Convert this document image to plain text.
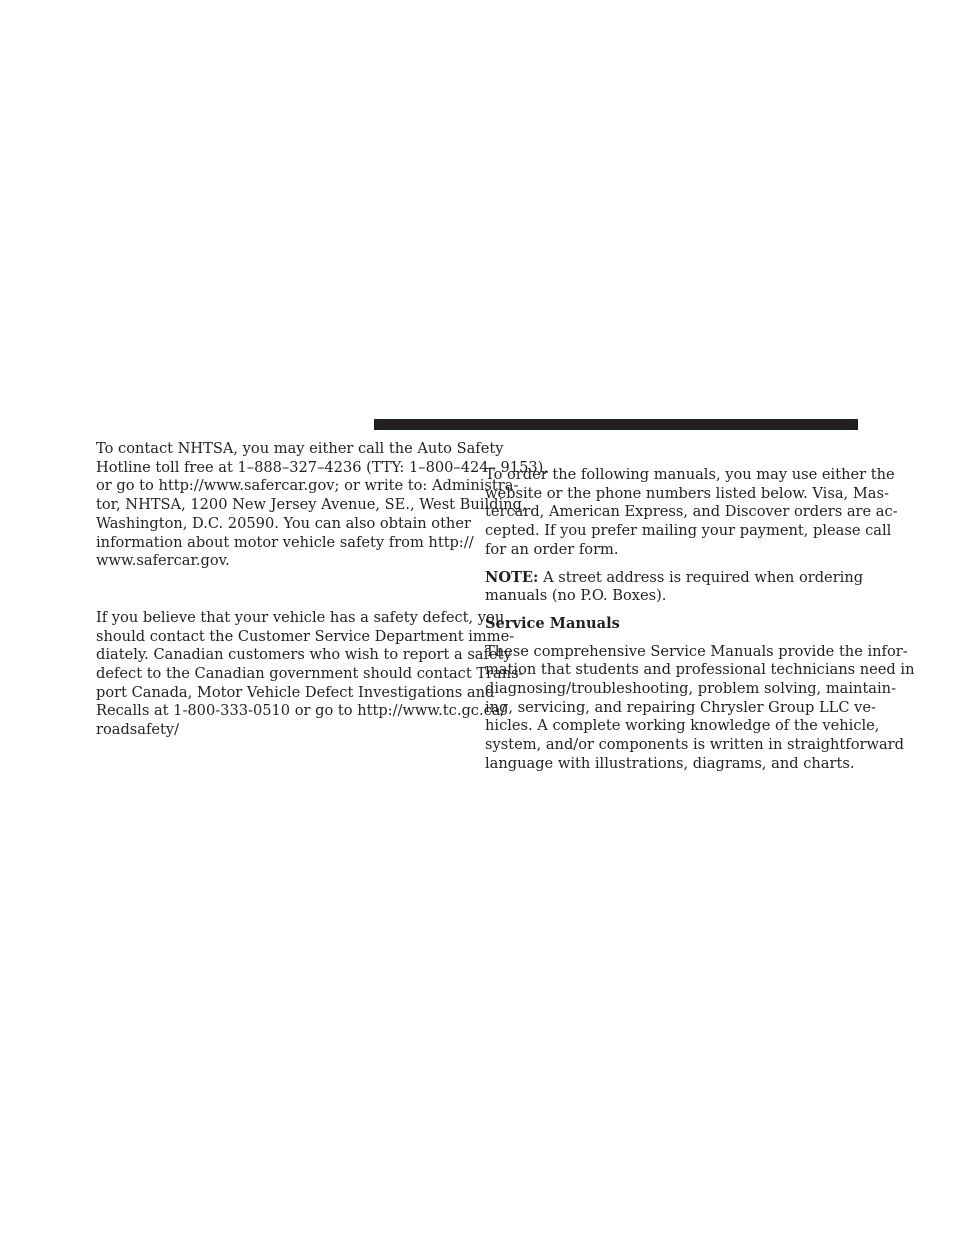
To contact NHTSA, you may either call the Auto Safety
Hotline toll free at 1–888–327–4236 (TTY: 1–800–424– 9153),
or go to http://www.safercar.gov; or write to: Administra-
tor, NHTSA, 1200 New Jersey Avenue, SE., West Building,
Washington, D.C. 20590. You can also obtain other
information about motor vehicle safety from http://
www.safercar.gov.

If you believe that your vehicle has a safety defect, you
should contact the Customer Service Department imme-
diately. Canadian customers who wish to report a safety
defect to the Canadian government should contact Trans-
port Canada, Motor Vehicle Defect Investigations and
Recalls at 1-800-333-0510 or go to http://www.tc.gc.ca/
roadsafety/

To order the following manuals, you may use either the
website or the phone numbers listed below. Visa, Mas-
tercard, American Express, and Discover orders are ac-
cepted. If you prefer mailing your payment, please call
for an order form.

NOTE: A street address is required when ordering
manuals (no P.O. Boxes).

Service Manuals

These comprehensive Service Manuals provide the infor-
mation that students and professional technicians need in
diagnosing/troubleshooting, problem solving, maintain-
ing, servicing, and repairing Chrysler Group LLC ve-
hicles. A complete working knowledge of the vehicle,
system, and/or components is written in straightforward
language with illustrations, diagrams, and charts.
